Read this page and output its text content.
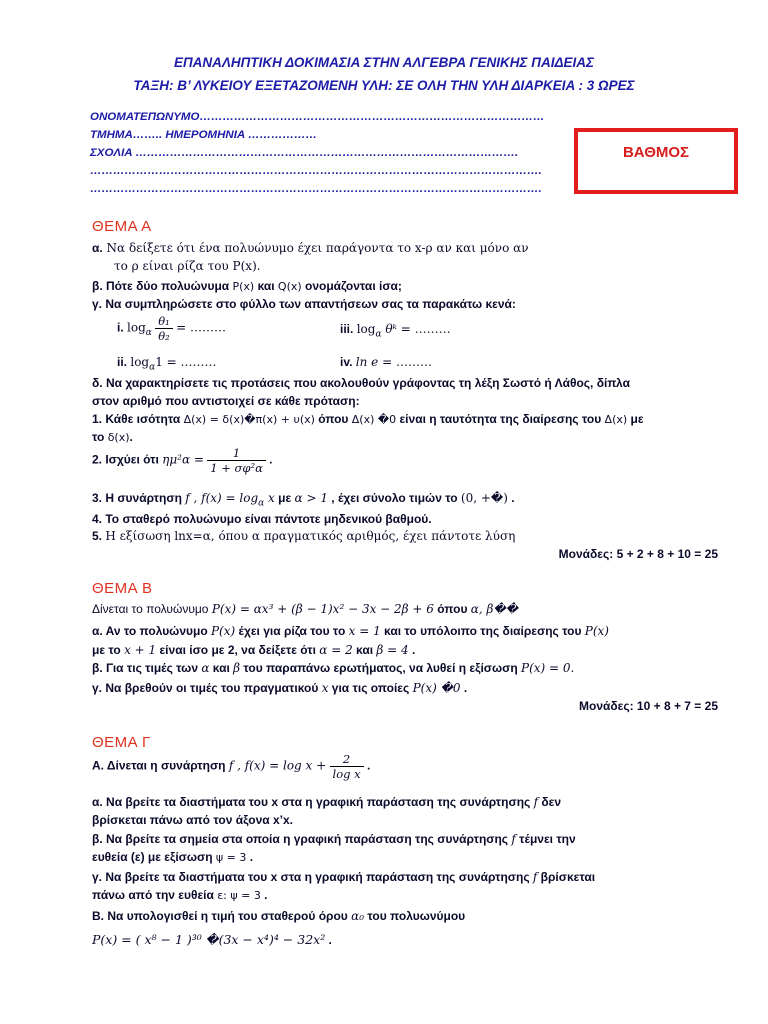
ΕΠΑΝΑΛΗΠΤΙΚΗ ΔΟΚΙΜΑΣΙΑ ΣΤΗΝ ΑΛΓΕΒΡΑ ΓΕΝΙΚΗΣ ΠΑΙΔΕΙΑΣ
ΤΑΞΗ: Β’ ΛΥΚΕΙΟΥ ΕΞΕΤΑΖΟΜΕΝΗ ΥΛΗ: ΣΕ ΟΛΗ ΤΗΝ ΥΛΗ ΔΙΑΡΚΕΙΑ : 3 ΩΡΕΣ
ΟΝΟΜΑΤΕΠΩΝΥΜΟ………………………………………………………………………………
ΤΜΗΜΑ…….. ΗΜΕΡΟΜΗΝΙΑ ………………
ΣΧΟΛΙΑ ……………………………………………………………………………………….
……………………………………………………………………………………………………….
……………………………………………………………………………………………………….
ΒΑΘΜΟΣ
ΘΕΜΑ Α
α. Να δείξετε ότι ένα πολυώνυμο έχει παράγοντα το x-ρ αν και μόνο αν
το ρ είναι ρίζα του P(x).
β. Πότε δύο πολυώνυμα P(x) και Q(x) ονομάζονται ίσα;
γ. Να συμπληρώσετε στο φύλλο των απαντήσεων σας τα παρακάτω κενά:
i. $\log_\alpha \frac{\text{θ₁}}{\text{θ₂}}$ = ………	iii. $\log_\alpha$ θᵏ = ………
ii. $\log_\alpha 1$ = ………	iv. ln e = ………
δ. Να χαρακτηρίσετε τις προτάσεις που ακολουθούν γράφοντας τη λέξη Σωστό ή Λάθος, δίπλα
στον αριθμό που αντιστοιχεί σε κάθε πρόταση:
1. Κάθε ισότητα Δ(x) = δ(x)�π(x) + υ(x) όπου Δ(x) �0 είναι η ταυτότητα της διαίρεσης του Δ(x) με
το δ(x).
2. Ισχύει ότι $\eta\mu^2\alpha = \frac{1}{\text{1 + σφ²α}}$ .
3. Η συνάρτηση f , $f(x) = \log_\alpha x$ με α > 1 , έχει σύνολο τιμών το (0, +�) .
4. Το σταθερό πολυώνυμο είναι πάντοτε μηδενικού βαθμού.
5. Η εξίσωση lnx=α, όπου α πραγματικός αριθμός, έχει πάντοτε λύση
Μονάδες: 5 + 2 + 8 + 10 = 25
ΘΕΜΑ Β
Δίνεται το πολυώνυμο P(x) = αx³ + (β − 1)x² − 3x − 2β + 6 όπου α, β��
α. Αν το πολυώνυμο P(x) έχει για ρίζα του το x = 1 και το υπόλοιπο της διαίρεσης του P(x)
με το x + 1 είναι ίσο με 2, να δείξετε ότι α = 2 και β = 4 .
β. Για τις τιμές των α και β του παραπάνω ερωτήματος, να λυθεί η εξίσωση P(x) = 0.
γ. Να βρεθούν οι τιμές του πραγματικού x για τις οποίες P(x) �0 .
Μονάδες: 10 + 8 + 7 = 25
ΘΕΜΑ Γ
Α. Δίνεται η συνάρτηση f , $f(x) = \log x + \frac{2}{\text{log x}}$ .
α. Να βρείτε τα διαστήματα του x στα η γραφική παράσταση της συνάρτησης f δεν
βρίσκεται πάνω από τον άξονα x’x.
β. Να βρείτε τα σημεία στα οποία η γραφική παράσταση της συνάρτησης f τέμνει την
ευθεία (ε) με εξίσωση ψ = 3 .
γ. Να βρείτε τα διαστήματα του x στα η γραφική παράσταση της συνάρτησης f βρίσκεται
πάνω από την ευθεία ε: ψ = 3 .
Β. Να υπολογισθεί η τιμή του σταθερού όρου α₀ του πολυωνύμου
P(x) = ( x⁸ − 1 )³⁰ �(3x − x⁴)⁴ − 32x² .
